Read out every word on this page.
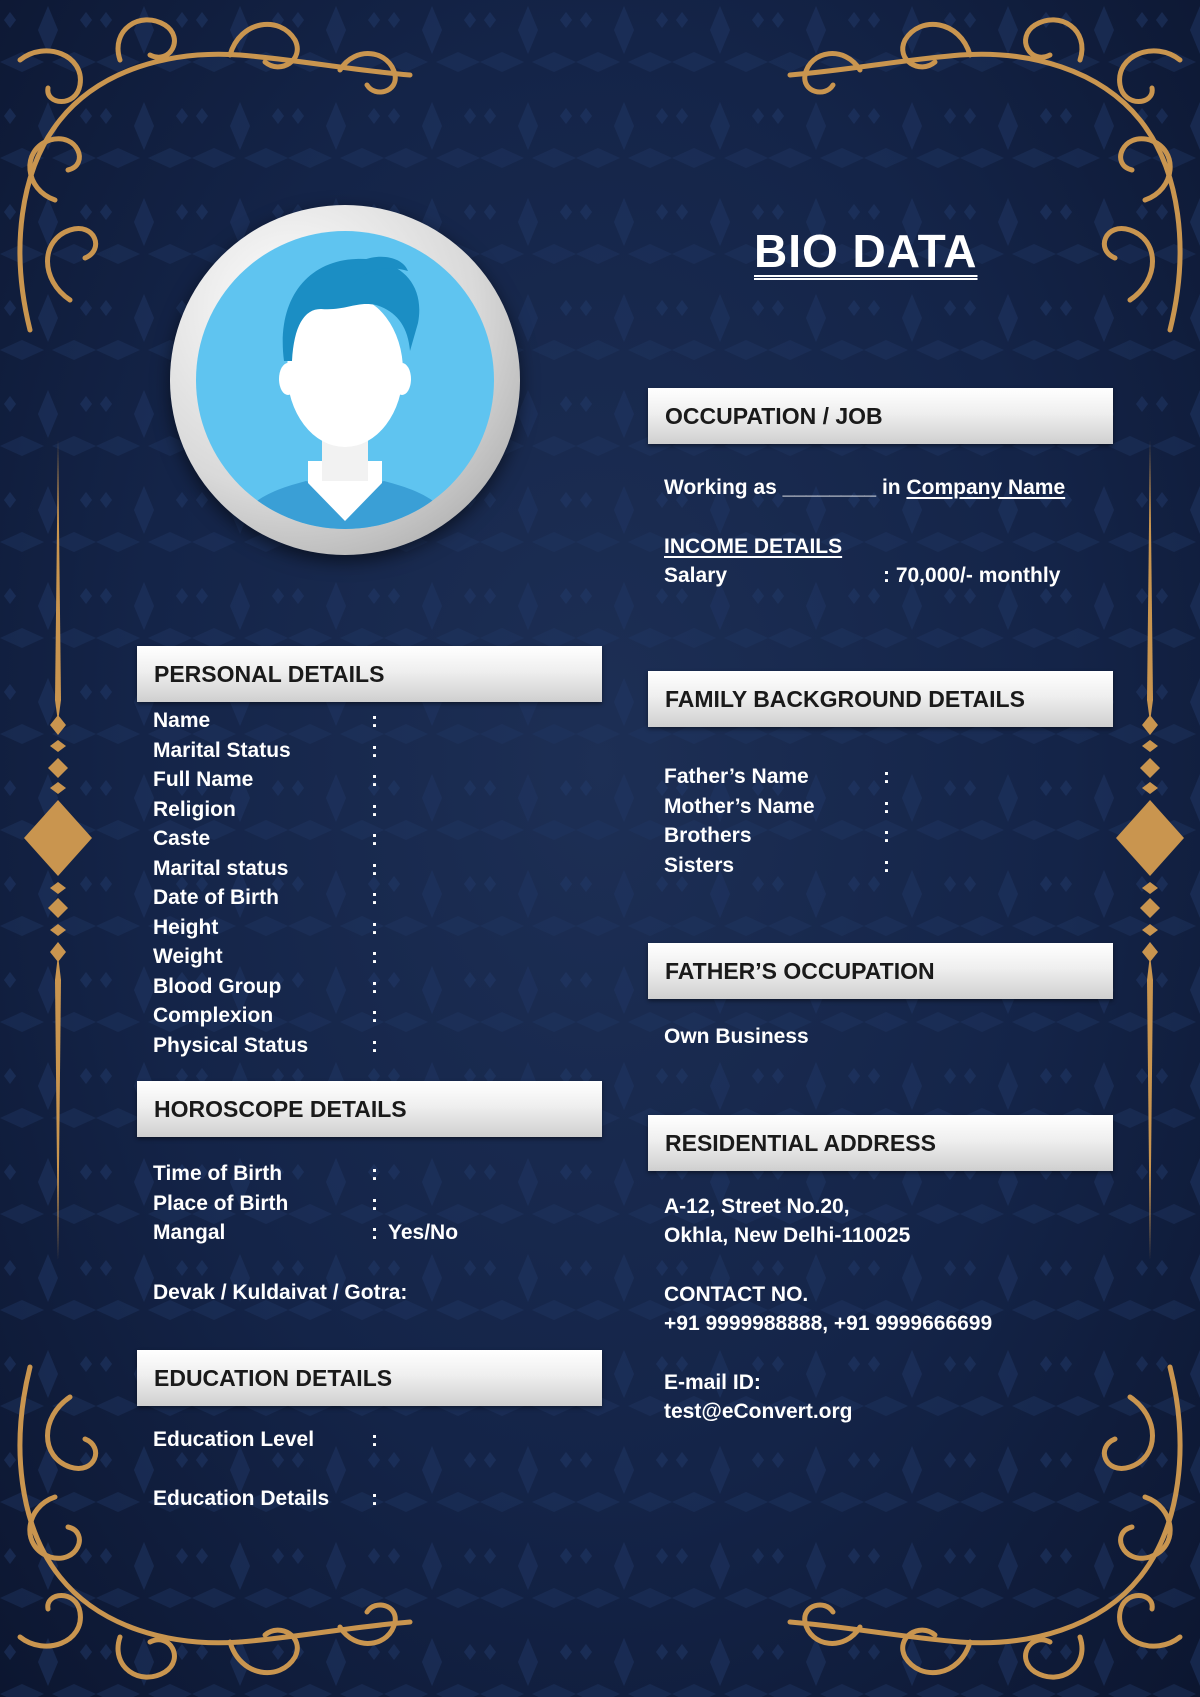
BIO DATA
PERSONAL DETAILS
Name	:
Marital Status	:
Full Name	:
Religion	:
Caste	:
Marital status	:
Date of Birth	:
Height	:
Weight	:
Blood Group	:
Complexion	:
Physical Status	:
HOROSCOPE DETAILS
Time of Birth	:
Place of Birth	:
Mangal	: Yes/No
Devak / Kuldaivat / Gotra:
EDUCATION DETAILS
Education Level	:
Education Details :
OCCUPATION / JOB
Working as ________ in Company Name
INCOME DETAILS
Salary	: 70,000/- monthly
FAMILY BACKGROUND DETAILS
Father’s Name	:
Mother’s Name	:
Brothers	:
Sisters	:
FATHER’S OCCUPATION
Own Business
RESIDENTIAL ADDRESS
A-12, Street No.20,
Okhla, New Delhi-110025
CONTACT NO.
+91 9999988888, +91 9999666699
E-mail ID:
test@eConvert.org
